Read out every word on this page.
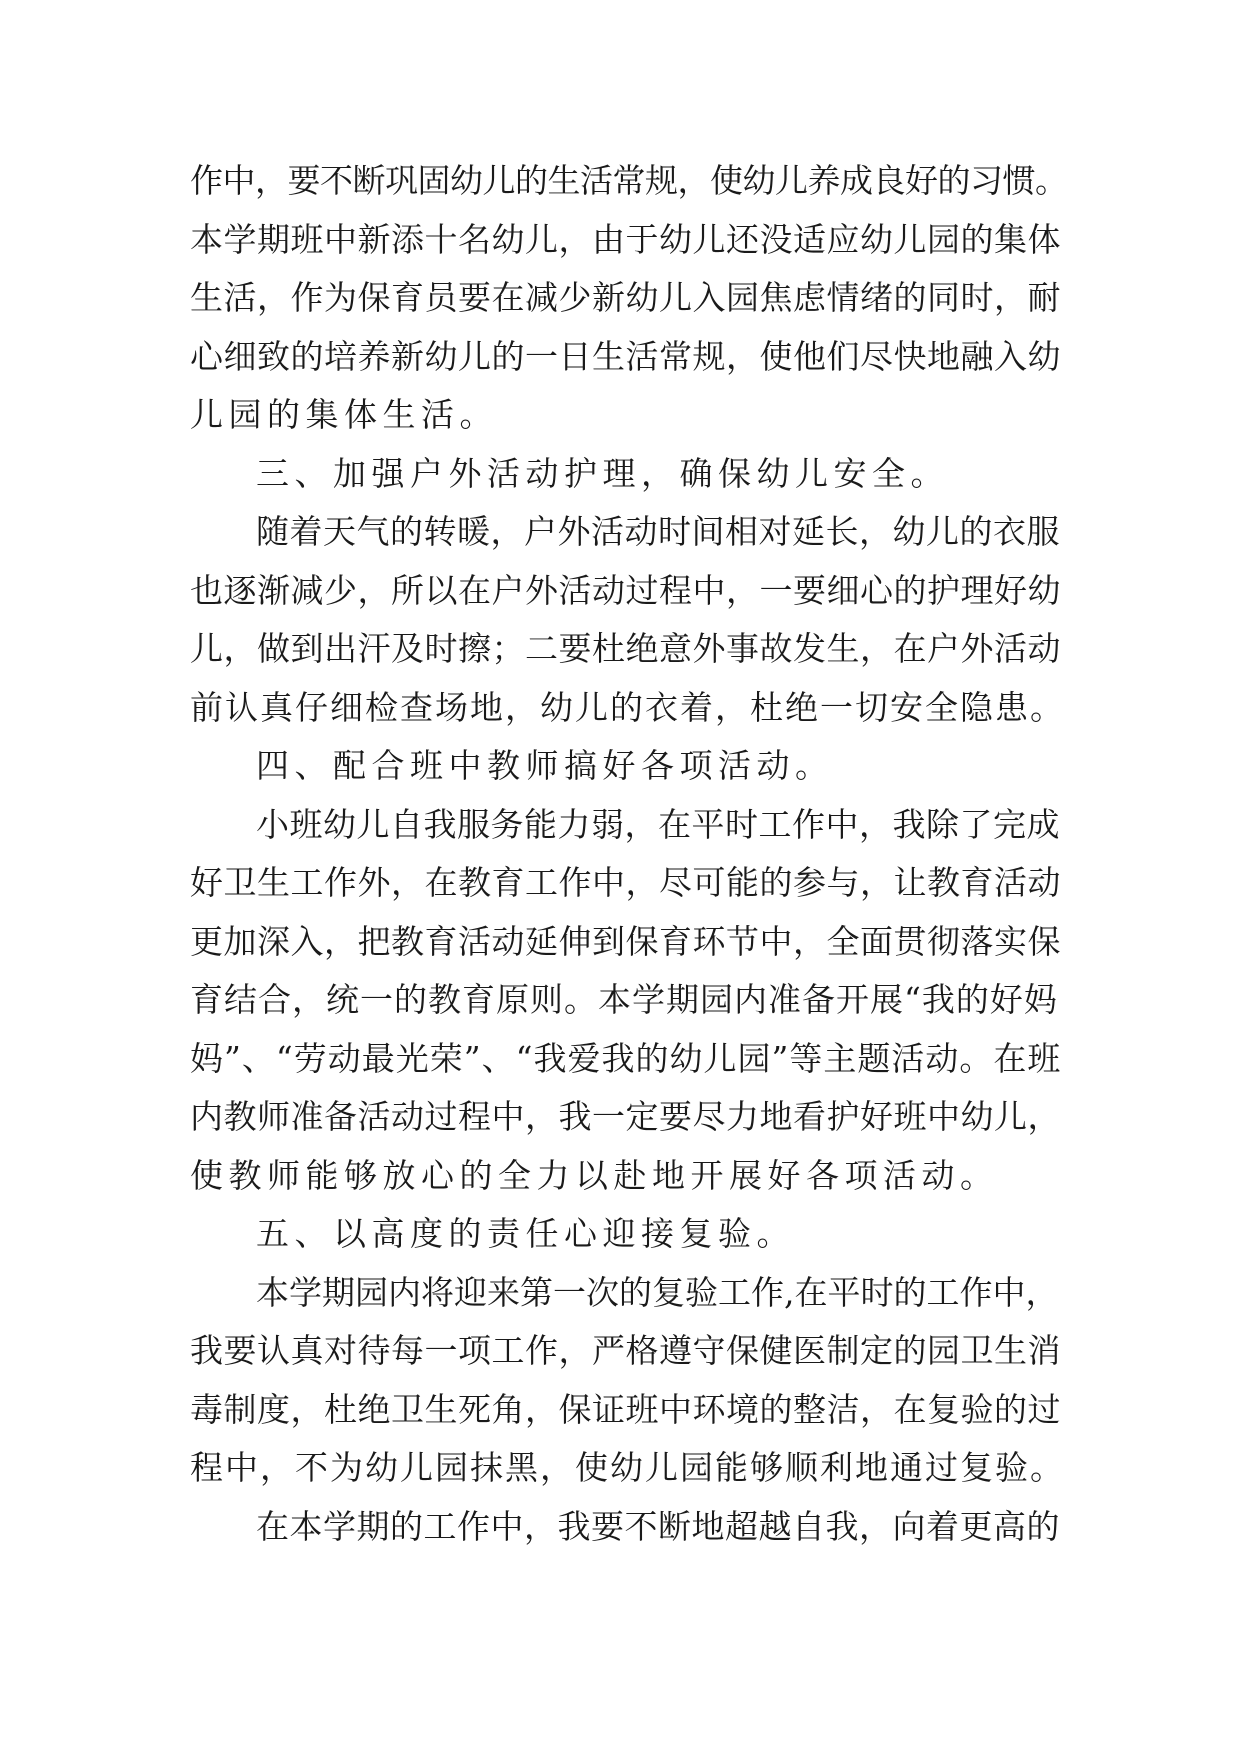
作中，要不断巩固幼儿的生活常规，使幼儿养成良好的习惯。
本学期班中新添十名幼儿，由于幼儿还没适应幼儿园的集体
生活，作为保育员要在减少新幼儿入园焦虑情绪的同时，耐
心细致的培养新幼儿的一日生活常规，使他们尽快地融入幼
儿园的集体生活。
三、加强户外活动护理，确保幼儿安全。
随着天气的转暖，户外活动时间相对延长，幼儿的衣服
也逐渐减少，所以在户外活动过程中，一要细心的护理好幼
儿，做到出汗及时擦；二要杜绝意外事故发生，在户外活动
前认真仔细检查场地，幼儿的衣着，杜绝一切安全隐患。
四、配合班中教师搞好各项活动。
小班幼儿自我服务能力弱，在平时工作中，我除了完成
好卫生工作外，在教育工作中，尽可能的参与，让教育活动
更加深入，把教育活动延伸到保育环节中，全面贯彻落实保
育结合，统一的教育原则。本学期园内准备开展“我的好妈
妈”、“劳动最光荣”、“我爱我的幼儿园”等主题活动。在班
内教师准备活动过程中，我一定要尽力地看护好班中幼儿，
使教师能够放心的全力以赴地开展好各项活动。
五、以高度的责任心迎接复验。
本学期园内将迎来第一次的复验工作,在平时的工作中，
我要认真对待每一项工作，严格遵守保健医制定的园卫生消
毒制度，杜绝卫生死角，保证班中环境的整洁，在复验的过
程中，不为幼儿园抹黑，使幼儿园能够顺利地通过复验。
在本学期的工作中，我要不断地超越自我，向着更高的
